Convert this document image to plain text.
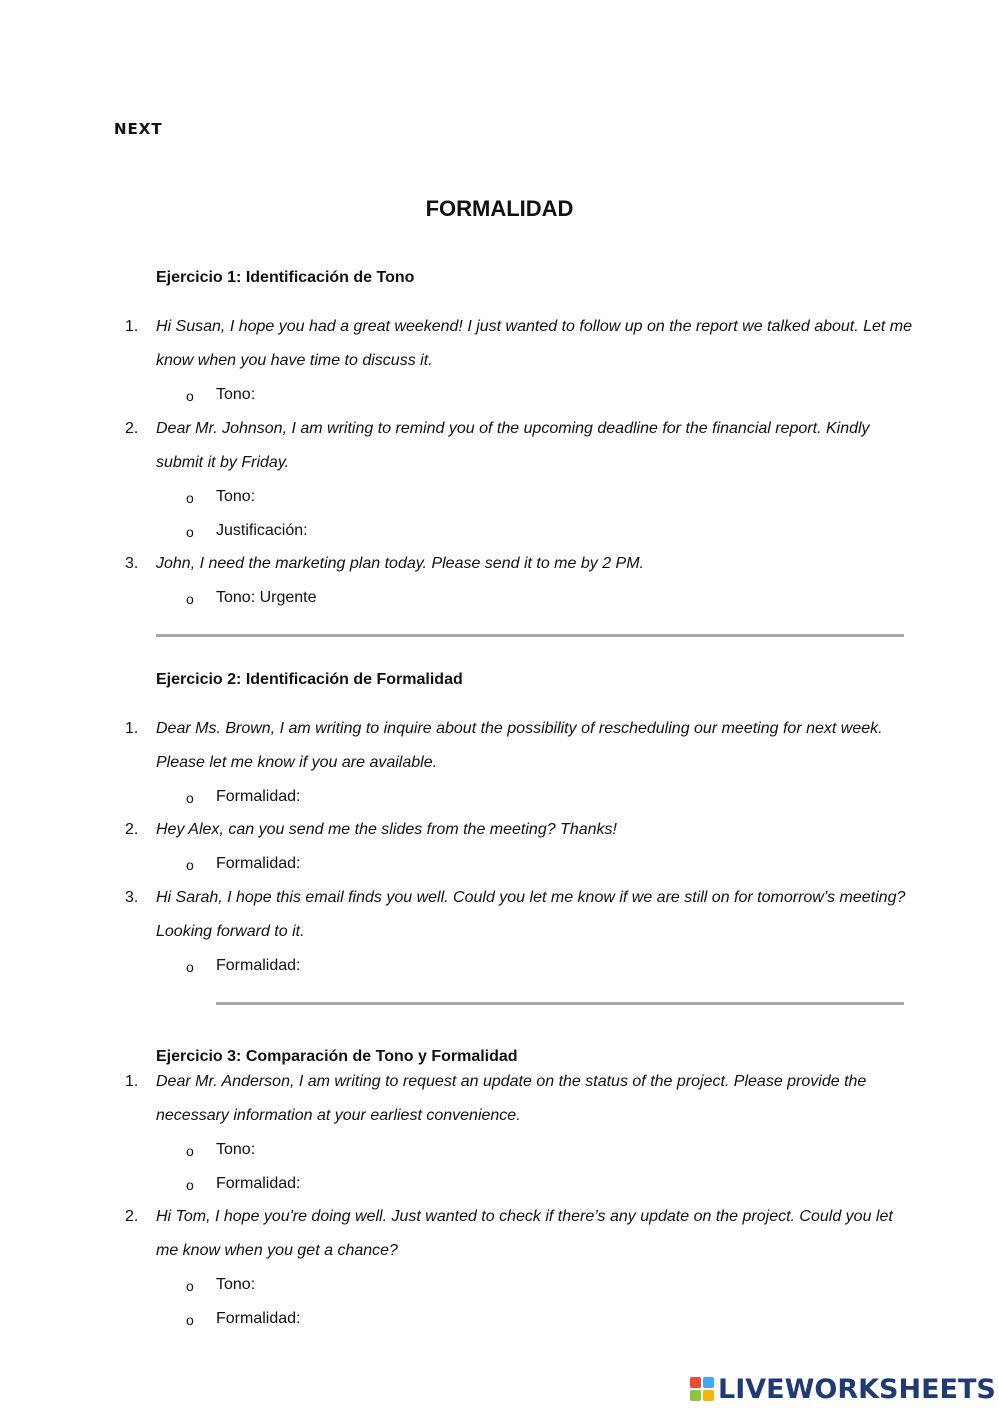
NEXT
FORMALIDAD
Ejercicio 1: Identificación de Tono
1. Hi Susan, I hope you had a great weekend! I just wanted to follow up on the report we talked about. Let me know when you have time to discuss it.
o Tono:
2. Dear Mr. Johnson, I am writing to remind you of the upcoming deadline for the financial report. Kindly submit it by Friday.
o Tono:
o Justificación:
3. John, I need the marketing plan today. Please send it to me by 2 PM.
o Tono: Urgente
Ejercicio 2: Identificación de Formalidad
1. Dear Ms. Brown, I am writing to inquire about the possibility of rescheduling our meeting for next week. Please let me know if you are available.
o Formalidad:
2. Hey Alex, can you send me the slides from the meeting? Thanks!
o Formalidad:
3. Hi Sarah, I hope this email finds you well. Could you let me know if we are still on for tomorrow’s meeting? Looking forward to it.
o Formalidad:
Ejercicio 3: Comparación de Tono y Formalidad
1. Dear Mr. Anderson, I am writing to request an update on the status of the project. Please provide the necessary information at your earliest convenience.
o Tono:
o Formalidad:
2. Hi Tom, I hope you're doing well. Just wanted to check if there’s any update on the project. Could you let me know when you get a chance?
o Tono:
o Formalidad:
LIVEWORKSHEETS
